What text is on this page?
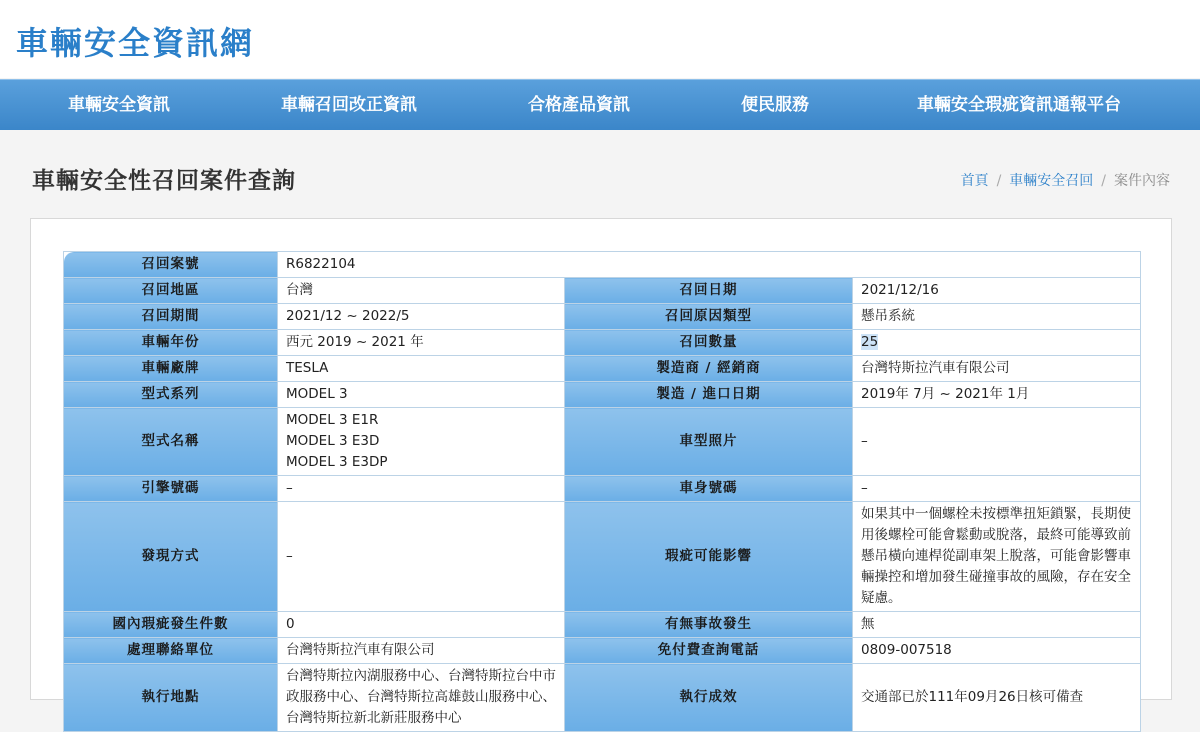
車輛安全資訊網
車輛安全資訊	車輛召回改正資訊	合格產品資訊	便民服務	車輛安全瑕疵資訊通報平台
車輛安全性召回案件查詢	首頁 / 車輛安全召回 / 案件內容
召回案號	R6822104		
召回地區	台灣	召回日期	2021/12/16
召回期間	2021/12 ~ 2022/5	召回原因類型	懸吊系統
車輛年份	西元 2019 ~ 2021 年	召回數量	25
車輛廠牌	TESLA	製造商 / 經銷商	台灣特斯拉汽車有限公司
型式系列	MODEL 3	製造 / 進口日期	2019年 7月 ~ 2021年 1月
型式名稱	MODEL 3 E1R
MODEL 3 E3D
MODEL 3 E3DP	車型照片	–
引擎號碼	–	車身號碼	–
發現方式	–	瑕疵可能影響	如果其中一個螺栓未按標準扭矩鎖緊，長期使用後螺栓可能會鬆動或脫落，最終可能導致前懸吊橫向連桿從副車架上脫落，可能會影響車輛操控和增加發生碰撞事故的風險，存在安全疑慮。
國內瑕疵發生件數	0	有無事故發生	無
處理聯絡單位	台灣特斯拉汽車有限公司	免付費查詢電話	0809-007518
執行地點	台灣特斯拉內湖服務中心、台灣特斯拉台中市政服務中心、台灣特斯拉高雄鼓山服務中心、台灣特斯拉新北新莊服務中心	執行成效	交通部已於111年09月26日核可備查
